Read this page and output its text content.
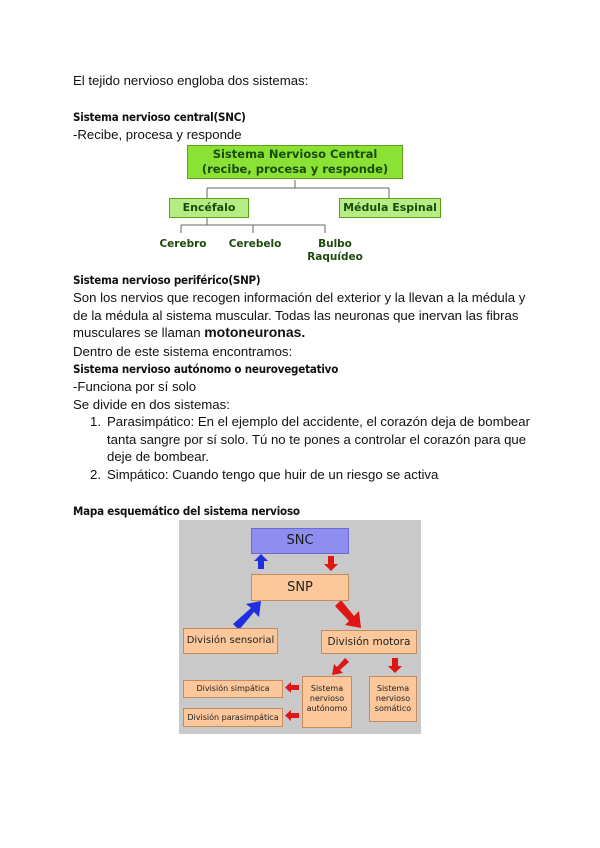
El tejido nervioso engloba dos sistemas:
Sistema nervioso central(SNC)
-Recibe, procesa y responde
Sistema Nervioso Central
(recibe, procesa y responde)
Encéfalo	Médula Espinal
Cerebro	Cerebelo	Bulbo
Raquídeo
Sistema nervioso periférico(SNP)
Son los nervios que recogen información del exterior y la llevan a la médula y de la médula al sistema muscular. Todas las neuronas que inervan las fibras musculares se llaman motoneuronas.
Dentro de este sistema encontramos:
Sistema nervioso autónomo o neurovegetativo
-Funciona por sí solo
Se divide en dos sistemas:
1. Parasimpático: En el ejemplo del accidente, el corazón deja de bombear tanta sangre por sí solo. Tú no te pones a controlar el corazón para que deje de bombear.
2. Simpático: Cuando tengo que huir de un riesgo se activa
Mapa esquemático del sistema nervioso
SNC
SNP
División sensorial	División motora
División simpática
División parasimpática
Sistema
nervioso
autónomo
Sistema
nervioso
somático
